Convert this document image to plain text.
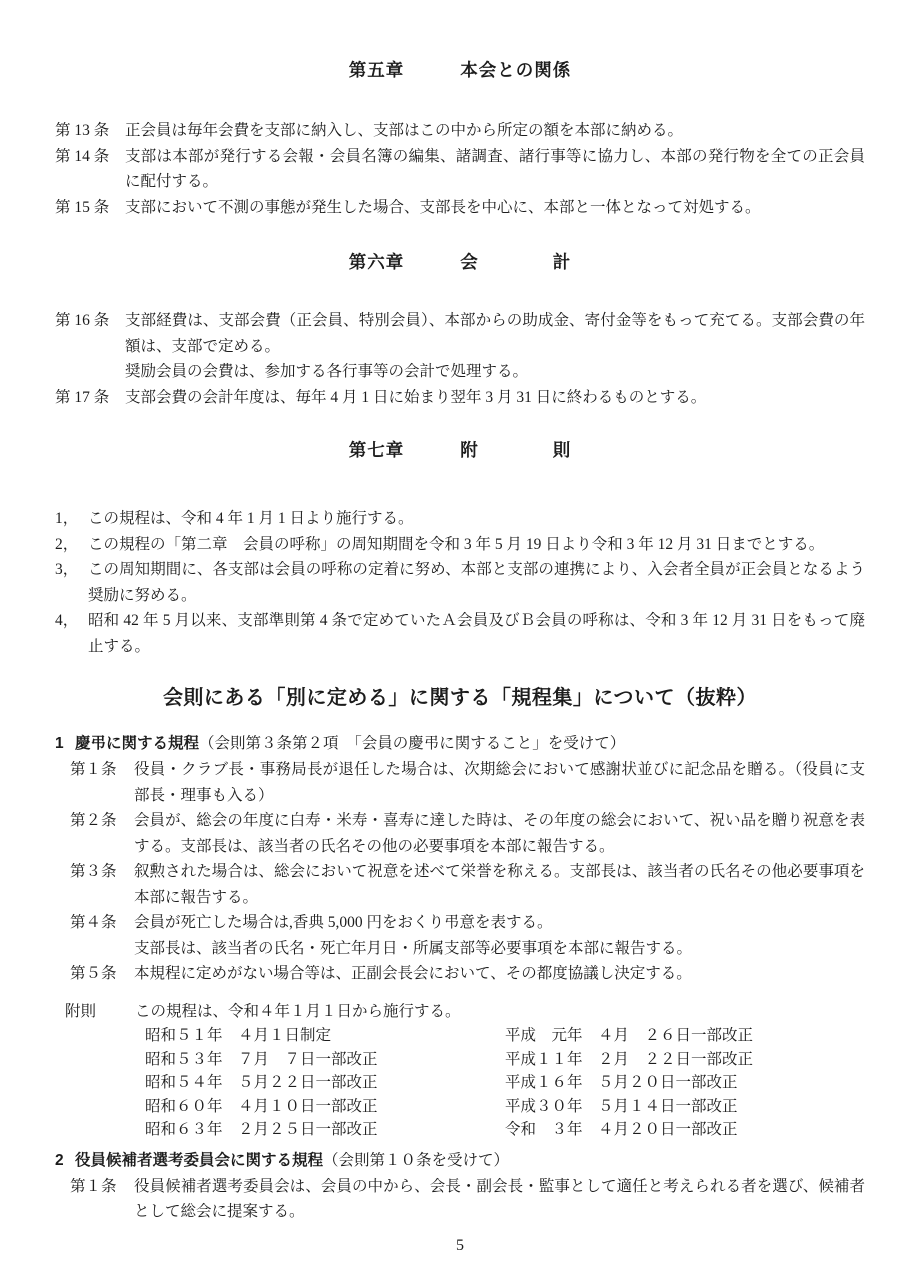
第五章	本会との関係
第 13 条	正会員は毎年会費を支部に納入し、支部はこの中から所定の額を本部に納める。
第 14 条	支部は本部が発行する会報・会員名簿の編集、諸調査、諸行事等に協力し、本部の発行物を全ての正会員に配付する。
第 15 条	支部において不測の事態が発生した場合、支部長を中心に、本部と一体となって対処する。
第六章	会　　　　計
第 16 条	支部経費は、支部会費（正会員、特別会員）、本部からの助成金、寄付金等をもって充てる。支部会費の年額は、支部で定める。
奨励会員の会費は、参加する各行事等の会計で処理する。
第 17 条	支部会費の会計年度は、毎年 4 月 1 日に始まり翌年 3 月 31 日に終わるものとする。
第七章	附　　　　則
1， この規程は、令和 4 年 1 月 1 日より施行する。
2， この規程の「第二章　会員の呼称」の周知期間を令和 3 年 5 月 19 日より令和 3 年 12 月 31 日までとする。
3， この周知期間に、各支部は会員の呼称の定着に努め、本部と支部の連携により、入会者全員が正会員となるよう奨励に努める。
4， 昭和 42 年 5 月以来、支部準則第 4 条で定めていたＡ会員及びＢ会員の呼称は、令和 3 年 12 月 31 日をもって廃止する。
会則にある「別に定める」に関する「規程集」について（抜粋）
1 慶弔に関する規程（会則第３条第２項　「会員の慶弔に関すること」を受けて）
第１条	役員・クラブ長・事務局長が退任した場合は、次期総会において感謝状並びに記念品を贈る。（役員に支部長・理事も入る）
第２条	会員が、総会の年度に白寿・米寿・喜寿に達した時は、その年度の総会において、祝い品を贈り祝意を表する。支部長は、該当者の氏名その他の必要事項を本部に報告する。
第３条	叙勲された場合は、総会において祝意を述べて栄誉を称える。支部長は、該当者の氏名その他必要事項を本部に報告する。
第４条	会員が死亡した場合は,香典 5,000 円をおくり弔意を表する。
支部長は、該当者の氏名・死亡年月日・所属支部等必要事項を本部に報告する。
第５条	本規程に定めがない場合等は、正副会長会において、その都度協議し決定する。
附則	この規程は、令和４年１月１日から施行する。
昭和５１年　４月１日制定	平成　元年　４月　２６日一部改正
昭和５３年　７月　７日一部改正	平成１１年　２月　２２日一部改正
昭和５４年　５月２２日一部改正	平成１６年　５月２０日一部改正
昭和６０年　４月１０日一部改正	平成３０年　５月１４日一部改正
昭和６３年　２月２５日一部改正	令和　３年　４月２０日一部改正
2 役員候補者選考委員会に関する規程（会則第１０条を受けて）
第１条	役員候補者選考委員会は、会員の中から、会長・副会長・監事として適任と考えられる者を選び、候補者として総会に提案する。
5
